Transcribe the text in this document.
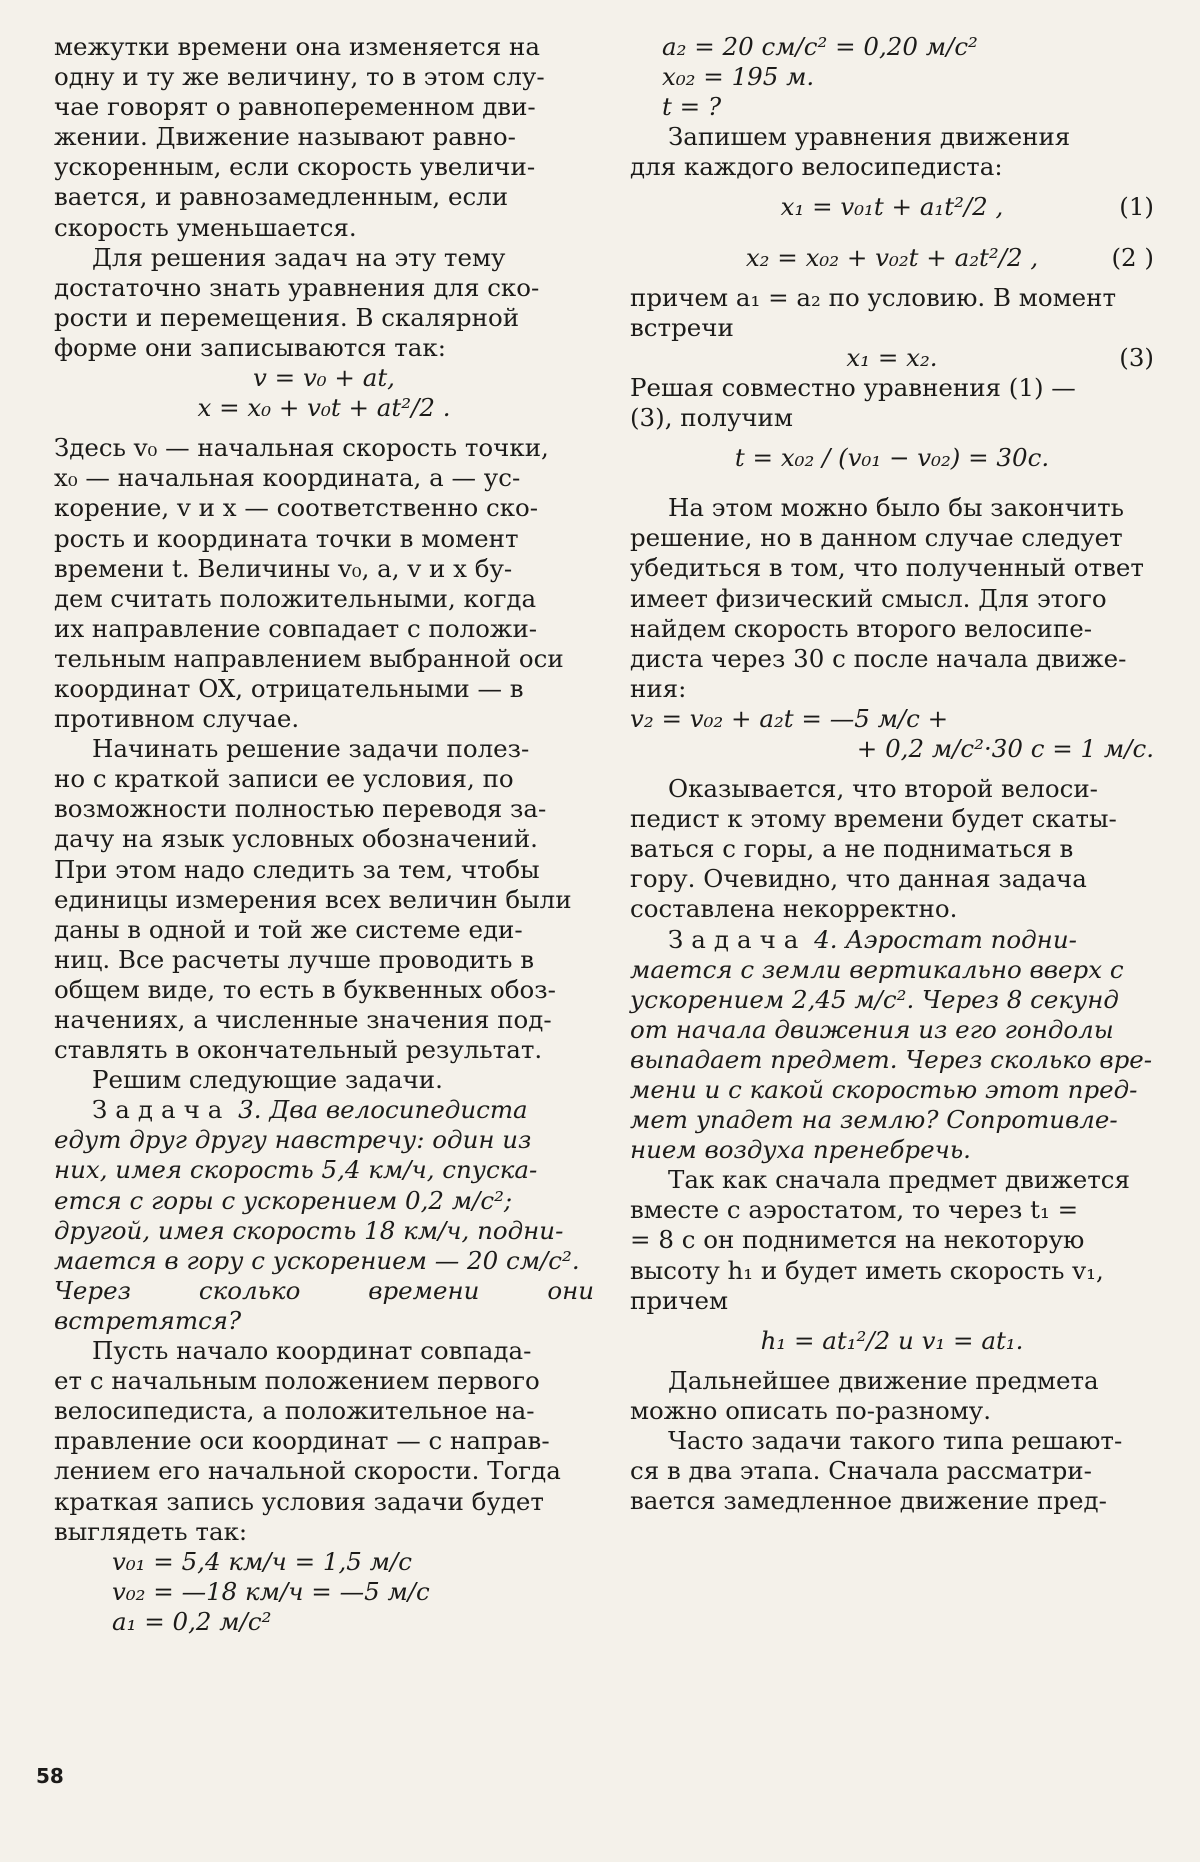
межутки времени она изменяется на

одну и ту же величину, то в этом слу-

чае говорят о равнопеременном дви-

жении. Движение называют равно-

ускоренным, если скорость увеличи-

вается, и равнозамедленным, если

скорость уменьшается.

Для решения задач на эту тему

достаточно знать уравнения для ско-

рости и перемещения. В скалярной

форме они записываются так:

v = v₀ + at,

x = x₀ + v₀t + at²/2 .

Здесь v₀ — начальная скорость точки,

x₀ — начальная координата, a — ус-

корение, v и x — соответственно ско-

рость и координата точки в момент

времени t. Величины v₀, a, v и x бу-

дем считать положительными, когда

их направление совпадает с положи-

тельным направлением выбранной оси

координат OX, отрицательными — в

противном случае.

Начинать решение задачи полез-

но с краткой записи ее условия, по

возможности полностью переводя за-

дачу на язык условных обозначений.

При этом надо следить за тем, чтобы

единицы измерения всех величин были

даны в одной и той же системе еди-

ниц. Все расчеты лучше проводить в

общем виде, то есть в буквенных обоз-

начениях, а численные значения под-

ставлять в окончательный результат.

Решим следующие задачи.

Задача 3. Два велосипедиста

едут друг другу навстречу: один из

них, имея скорость 5,4 км/ч, спуска-

ется с горы с ускорением 0,2 м/с²;

другой, имея скорость 18 км/ч, подни-

мается в гору с ускорением — 20 см/с².

Через сколько времени они встретятся?

Пусть начало координат совпада-

ет с начальным положением первого

велосипедиста, а положительное на-

правление оси координат — с направ-

лением его начальной скорости. Тогда

краткая запись условия задачи будет

выглядеть так:

v₀₁ = 5,4 км/ч = 1,5 м/с

v₀₂ = —18 км/ч = —5 м/с

a₁ = 0,2 м/с²

a₂ = 20 см/с² = 0,20 м/с²

x₀₂ = 195 м.

t = ?

Запишем уравнения движения

для каждого велосипедиста:

x₁ = v₀₁t + a₁t²/2 ,	(1)

x₂ = x₀₂ + v₀₂t + a₂t²/2 ,	(2 )

причем a₁ = a₂ по условию. В момент

встречи

x₁ = x₂.	(3)

Решая совместно уравнения (1) —

(3), получим

t = x₀₂ / (v₀₁ − v₀₂) = 30с.

На этом можно было бы закончить

решение, но в данном случае следует

убедиться в том, что полученный ответ

имеет физический смысл. Для этого

найдем скорость второго велосипе-

диста через 30 с после начала движе-

ния:

v₂ = v₀₂ + a₂t = —5 м/с +

+ 0,2 м/с²·30 с = 1 м/с.

Оказывается, что второй велоси-

педист к этому времени будет скаты-

ваться с горы, а не подниматься в

гору. Очевидно, что данная задача

составлена некорректно.

Задача 4. Аэростат подни-

мается с земли вертикально вверх с

ускорением 2,45 м/с². Через 8 секунд

от начала движения из его гондолы

выпадает предмет. Через сколько вре-

мени и с какой скоростью этот пред-

мет упадет на землю? Сопротивле-

нием воздуха пренебречь.

Так как сначала предмет движется

вместе с аэростатом, то через t₁ =

= 8 с он поднимется на некоторую

высоту h₁ и будет иметь скорость v₁,

причем

h₁ = at₁²/2 и v₁ = at₁.

Дальнейшее движение предмета

можно описать по-разному.

Часто задачи такого типа решают-

ся в два этапа. Сначала рассматри-

вается замедленное движение пред-

58
